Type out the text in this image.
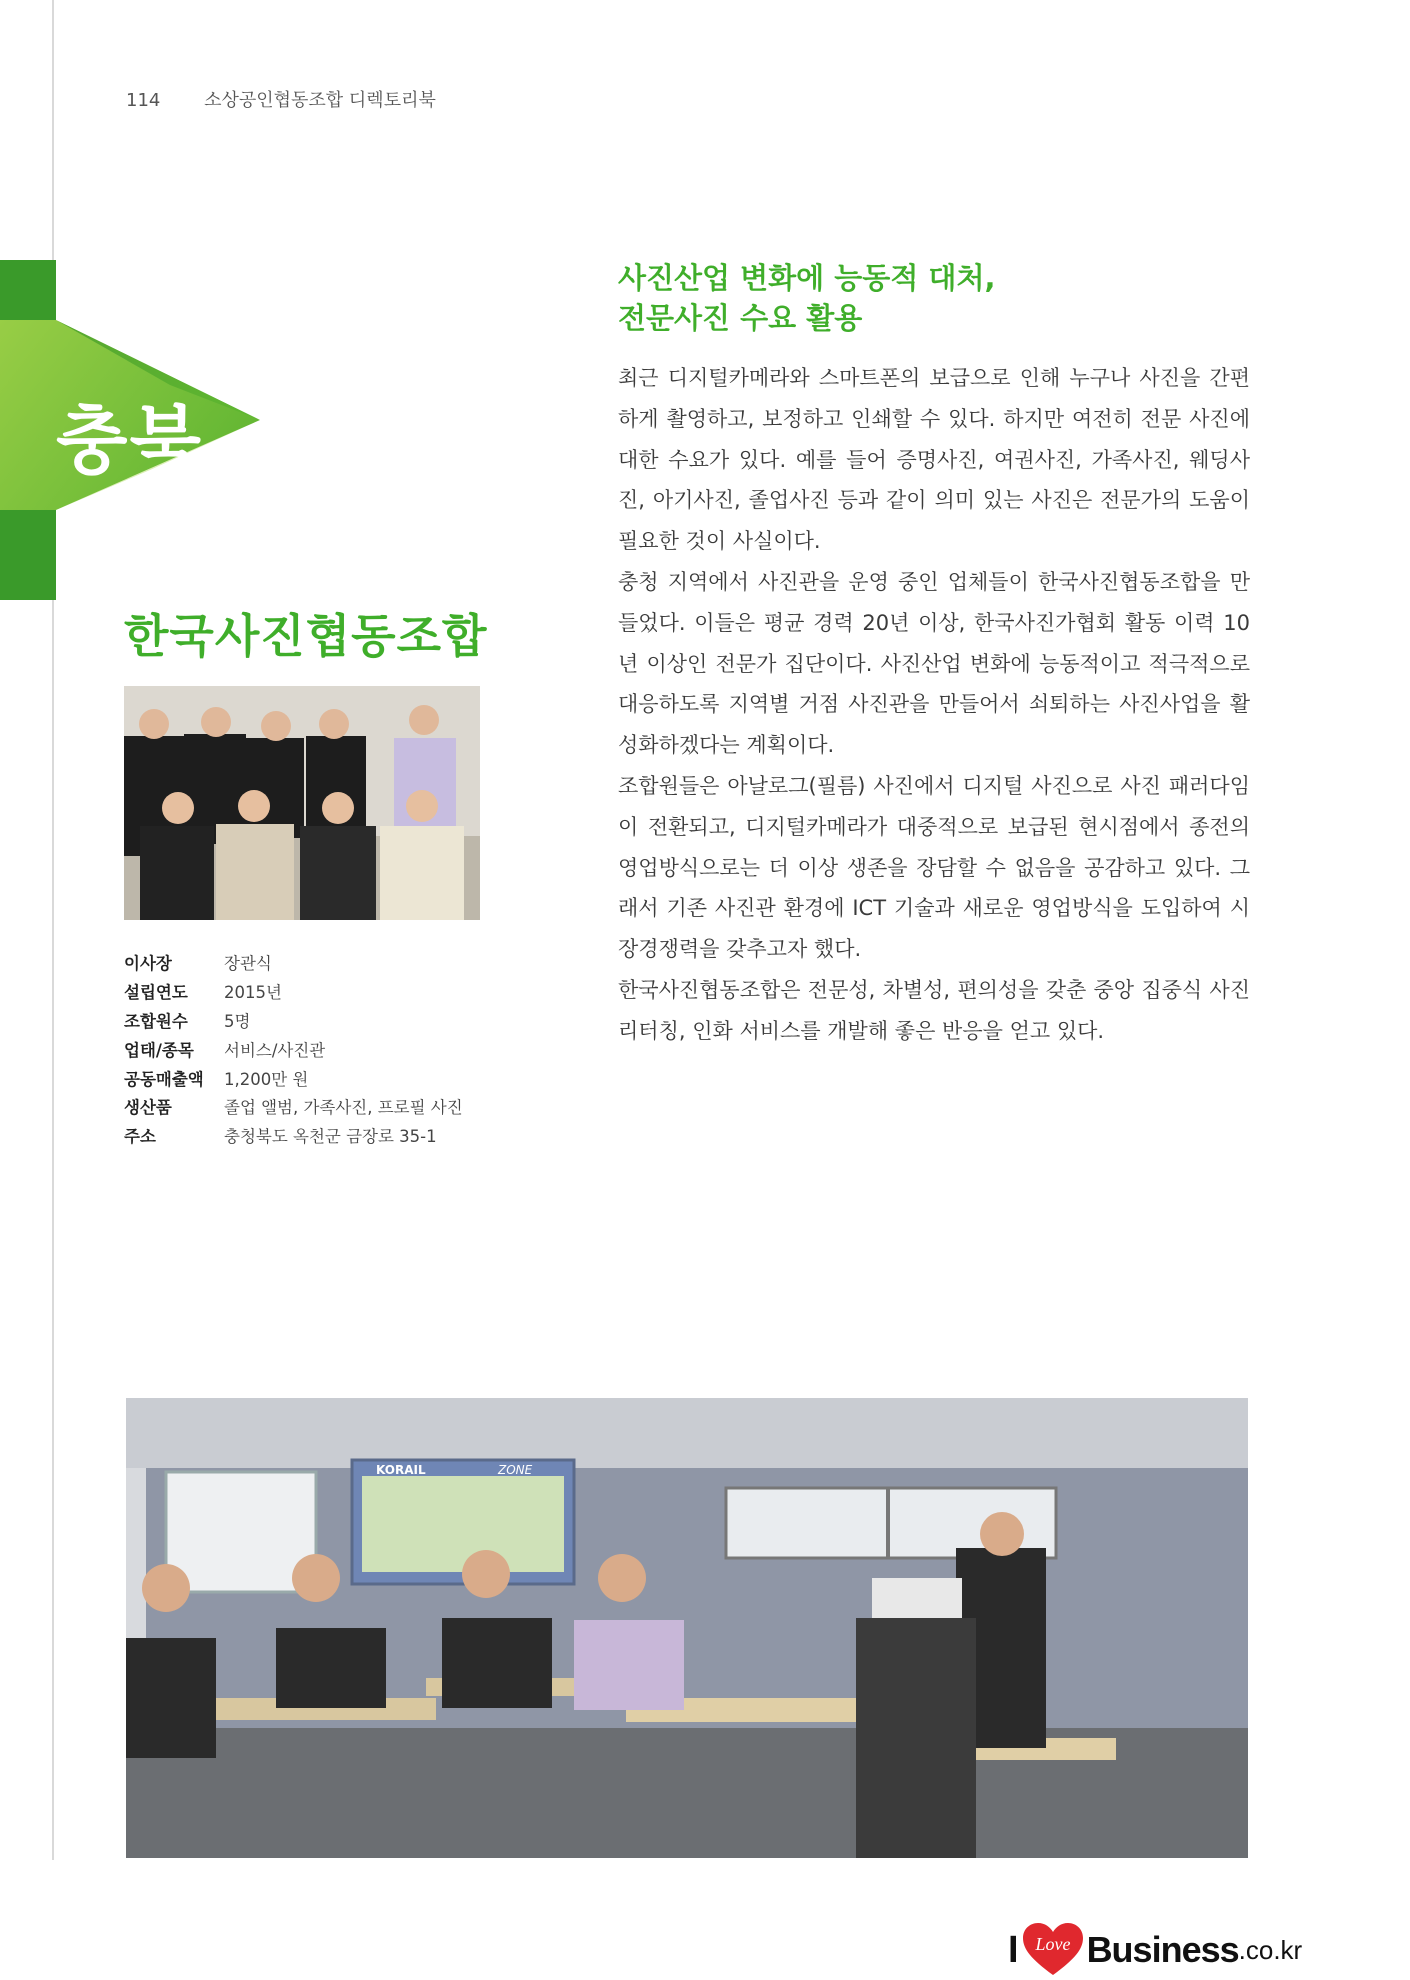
114 소상공인협동조합 디렉토리북
충북
한국사진협동조합
이사장	장관식
설립연도	2015년
조합원수	5명
업태/종목	서비스/사진관
공동매출액	1,200만 원
생산품	졸업 앨범, 가족사진, 프로필 사진
주소	충청북도 옥천군 금장로 35-1
사진산업 변화에 능동적 대처,
전문사진 수요 활용

최근 디지털카메라와 스마트폰의 보급으로 인해 누구나 사진을 간편하게 촬영하고, 보정하고 인쇄할 수 있다. 하지만 여전히 전문 사진에 대한 수요가 있다. 예를 들어 증명사진, 여권사진, 가족사진, 웨딩사진, 아기사진, 졸업사진 등과 같이 의미 있는 사진은 전문가의 도움이 필요한 것이 사실이다.

충청 지역에서 사진관을 운영 중인 업체들이 한국사진협동조합을 만들었다. 이들은 평균 경력 20년 이상, 한국사진가협회 활동 이력 10년 이상인 전문가 집단이다. 사진산업 변화에 능동적이고 적극적으로 대응하도록 지역별 거점 사진관을 만들어서 쇠퇴하는 사진사업을 활성화하겠다는 계획이다.

조합원들은 아날로그(필름) 사진에서 디지털 사진으로 사진 패러다임이 전환되고, 디지털카메라가 대중적으로 보급된 현시점에서 종전의 영업방식으로는 더 이상 생존을 장담할 수 없음을 공감하고 있다. 그래서 기존 사진관 환경에 ICT 기술과 새로운 영업방식을 도입하여 시장경쟁력을 갖추고자 했다.

한국사진협동조합은 전문성, 차별성, 편의성을 갖춘 중앙 집중식 사진 리터칭, 인화 서비스를 개발해 좋은 반응을 얻고 있다.

KORAIL	ZONE
I Love Business .co.kr
